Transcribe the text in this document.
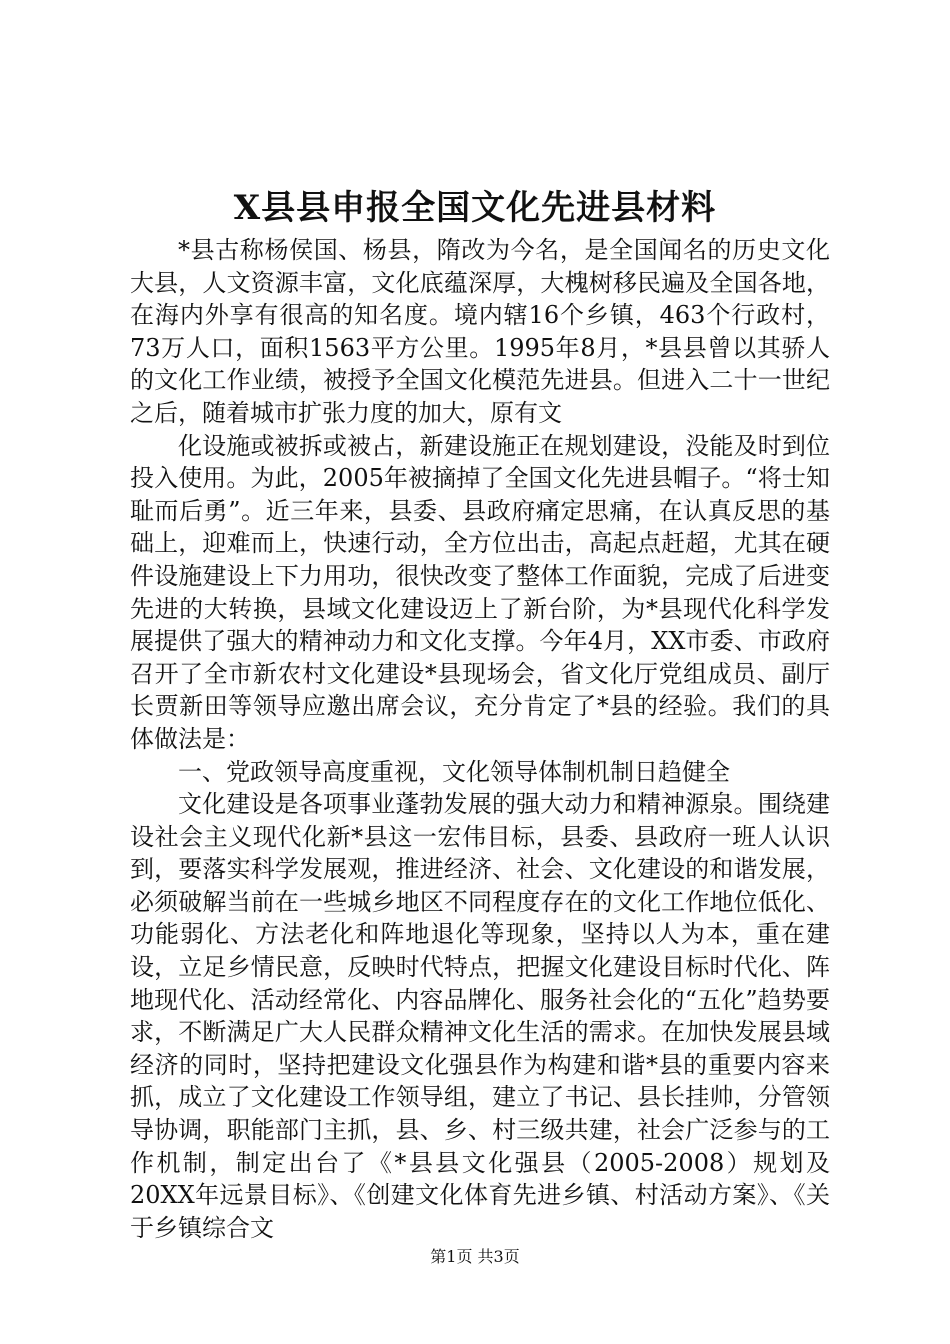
X县县申报全国文化先进县材料

*县古称杨侯国、杨县，隋改为今名，是全国闻名的历史文化大县，人文资源丰富，文化底蕴深厚，大槐树移民遍及全国各地，在海内外享有很高的知名度。境内辖16个乡镇，463个行政村，73万人口，面积1563平方公里。1995年8月，*县县曾以其骄人的文化工作业绩，被授予全国文化模范先进县。但进入二十一世纪之后，随着城市扩张力度的加大，原有文

化设施或被拆或被占，新建设施正在规划建设，没能及时到位投入使用。为此，2005年被摘掉了全国文化先进县帽子。“将士知耻而后勇”。近三年来，县委、县政府痛定思痛，在认真反思的基础上，迎难而上，快速行动，全方位出击，高起点赶超，尤其在硬件设施建设上下力用功，很快改变了整体工作面貌，完成了后进变先进的大转换，县域文化建设迈上了新台阶，为*县现代化科学发展提供了强大的精神动力和文化支撑。今年4月，XX市委、市政府召开了全市新农村文化建设*县现场会，省文化厅党组成员、副厅长贾新田等领导应邀出席会议，充分肯定了*县的经验。我们的具体做法是：

一、党政领导高度重视，文化领导体制机制日趋健全

文化建设是各项事业蓬勃发展的强大动力和精神源泉。围绕建设社会主义现代化新*县这一宏伟目标，县委、县政府一班人认识到，要落实科学发展观，推进经济、社会、文化建设的和谐发展，必须破解当前在一些城乡地区不同程度存在的文化工作地位低化、功能弱化、方法老化和阵地退化等现象，坚持以人为本，重在建设，立足乡情民意，反映时代特点，把握文化建设目标时代化、阵地现代化、活动经常化、内容品牌化、服务社会化的“五化”趋势要求，不断满足广大人民群众精神文化生活的需求。在加快发展县域经济的同时，坚持把建设文化强县作为构建和谐*县的重要内容来抓，成立了文化建设工作领导组，建立了书记、县长挂帅，分管领导协调，职能部门主抓，县、乡、村三级共建，社会广泛参与的工作机制，制定出台了《*县县文化强县（2005-2008）规划及20XX年远景目标》、《创建文化体育先进乡镇、村活动方案》、《关于乡镇综合文

第1页 共3页
